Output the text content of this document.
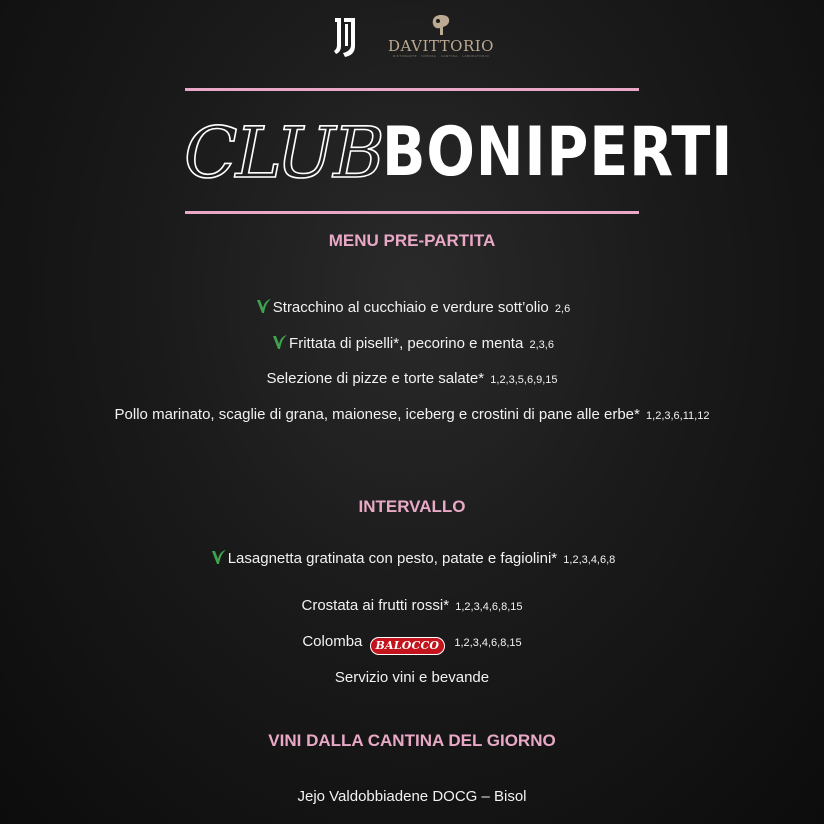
DAVITTORIO
RISTORANTE · DIMORA · CANTINA · LABORATORIO
CLUB BONIPERTI
MENU PRE-PARTITA
Stracchino al cucchiaio e verdure sott’olio 2,6
Frittata di piselli*, pecorino e menta 2,3,6
Selezione di pizze e torte salate* 1,2,3,5,6,9,15
Pollo marinato, scaglie di grana, maionese, iceberg e crostini di pane alle erbe* 1,2,3,6,11,12
INTERVALLO
Lasagnetta gratinata con pesto, patate e fagiolini* 1,2,3,4,6,8
Crostata ai frutti rossi* 1,2,3,4,6,8,15
Colomba BALOCCO 1,2,3,4,6,8,15
Servizio vini e bevande
VINI DALLA CANTINA DEL GIORNO
Jejo Valdobbiadene DOCG – Bisol
